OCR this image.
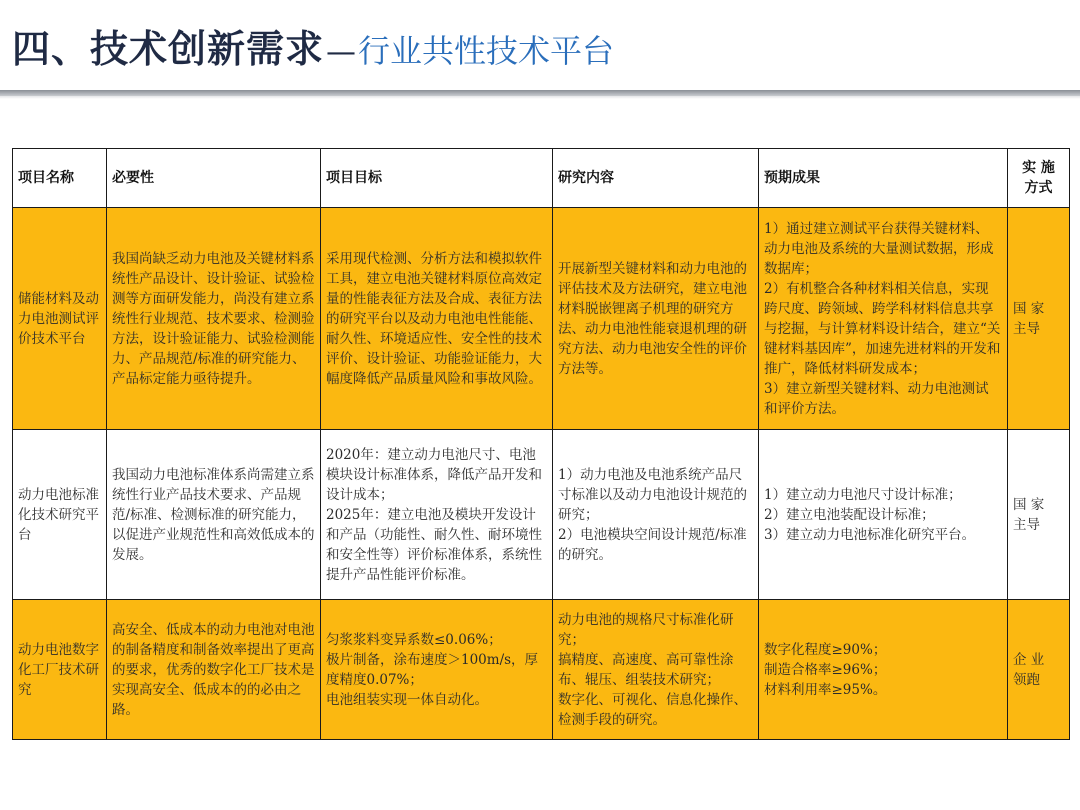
四、技术创新需求 — 行业共性技术平台
项目名称	必要性	项目目标	研究内容	预期成果	实 施
方式
储能材料及动力电池测试评价技术平台	我国尚缺乏动力电池及关键材料系统性产品设计、设计验证、试验检测等方面研发能力，尚没有建立系统性行业规范、技术要求、检测验方法，设计验证能力、试验检测能力、产品规范/标准的研究能力、产品标定能力亟待提升。	采用现代检测、分析方法和模拟软件工具，建立电池关键材料原位高效定量的性能表征方法及合成、表征方法的研究平台以及动力电池电性能能、耐久性、环境适应性、安全性的技术评价、设计验证、功能验证能力，大幅度降低产品质量风险和事故风险。	开展新型关键材料和动力电池的评估技术及方法研究，建立电池材料脱嵌锂离子机理的研究方法、动力电池性能衰退机理的研究方法、动力电池安全性的评价方法等。	1）通过建立测试平台获得关键材料、动力电池及系统的大量测试数据，形成数据库；
2）有机整合各种材料相关信息，实现跨尺度、跨领域、跨学科材料信息共享与挖掘，与计算材料设计结合，建立“关键材料基因库”，加速先进材料的开发和推广，降低材料研发成本；
3）建立新型关键材料、动力电池测试和评价方法。	国 家
主导
动力电池标准化技术研究平台	我国动力电池标准体系尚需建立系统性行业产品技术要求、产品规范/标准、检测标准的研究能力，以促进产业规范性和高效低成本的发展。	2020年：建立动力电池尺寸、电池模块设计标准体系，降低产品开发和设计成本；
2025年：建立电池及模块开发设计和产品（功能性、耐久性、耐环境性和安全性等）评价标准体系，系统性提升产品性能评价标准。	1）动力电池及电池系统产品尺寸标准以及动力电池设计规范的研究；
2）电池模块空间设计规范/标准的研究。	1）建立动力电池尺寸设计标准；
2）建立电池装配设计标准；
3）建立动力电池标准化研究平台。	国 家
主导
动力电池数字化工厂技术研究	高安全、低成本的动力电池对电池的制备精度和制备效率提出了更高的要求，优秀的数字化工厂技术是实现高安全、低成本的的必由之路。	匀浆浆料变异系数≤0.06%；
极片制备，涂布速度＞100m/s，厚度精度0.07%；
电池组装实现一体自动化。	动力电池的规格尺寸标准化研究；
搞精度、高速度、高可靠性涂布、辊压、组装技术研究；
数字化、可视化、信息化操作、检测手段的研究。	数字化程度≥90%；
制造合格率≥96%；
材料利用率≥95%。	企 业
领跑
